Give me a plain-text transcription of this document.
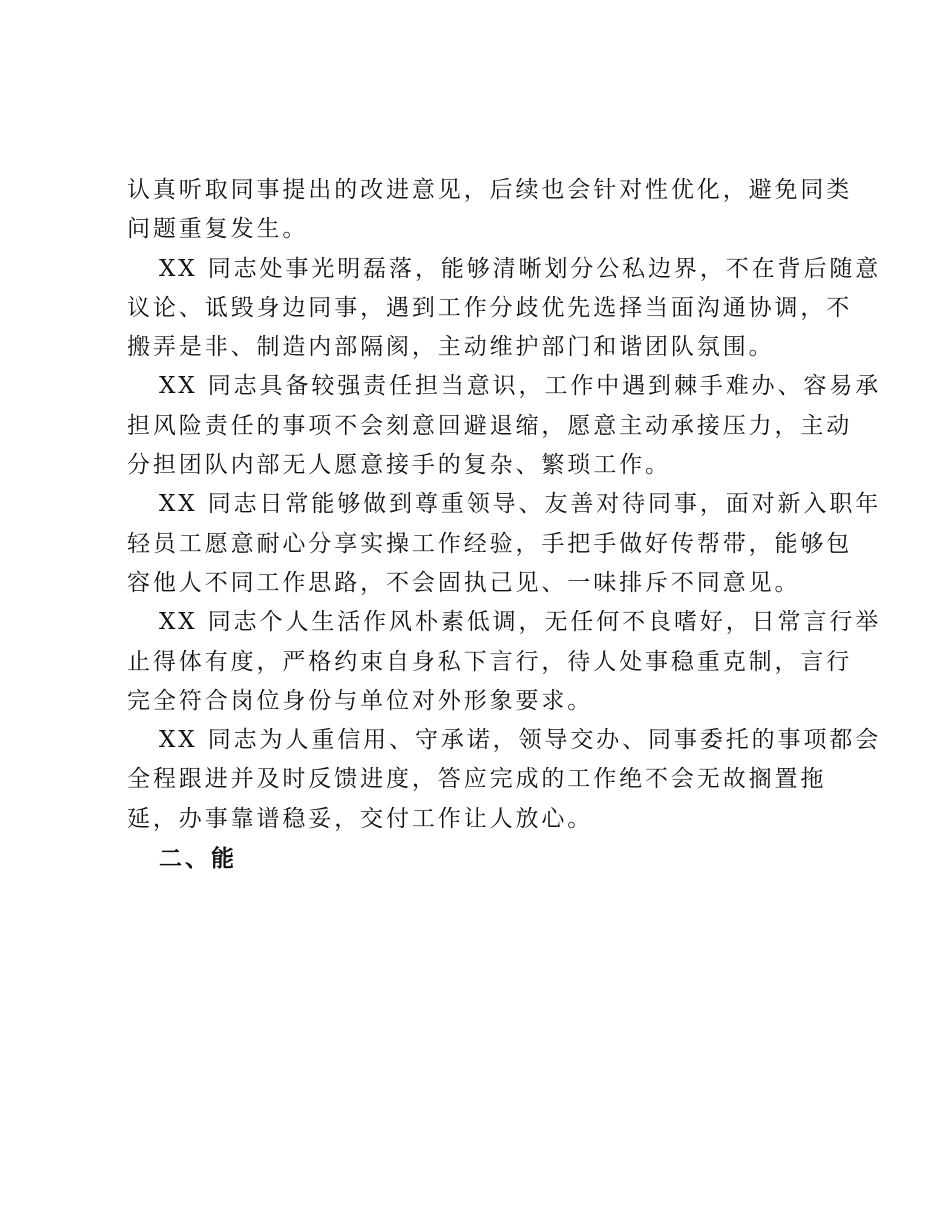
认真听取同事提出的改进意见，后续也会针对性优化，避免同类
问题重复发生。
XX 同志处事光明磊落，能够清晰划分公私边界，不在背后随意
议论、诋毁身边同事，遇到工作分歧优先选择当面沟通协调，不
搬弄是非、制造内部隔阂，主动维护部门和谐团队氛围。
XX 同志具备较强责任担当意识，工作中遇到棘手难办、容易承
担风险责任的事项不会刻意回避退缩，愿意主动承接压力，主动
分担团队内部无人愿意接手的复杂、繁琐工作。
XX 同志日常能够做到尊重领导、友善对待同事，面对新入职年
轻员工愿意耐心分享实操工作经验，手把手做好传帮带，能够包
容他人不同工作思路，不会固执己见、一味排斥不同意见。
XX 同志个人生活作风朴素低调，无任何不良嗜好，日常言行举
止得体有度，严格约束自身私下言行，待人处事稳重克制，言行
完全符合岗位身份与单位对外形象要求。
XX 同志为人重信用、守承诺，领导交办、同事委托的事项都会
全程跟进并及时反馈进度，答应完成的工作绝不会无故搁置拖
延，办事靠谱稳妥，交付工作让人放心。
二、能
